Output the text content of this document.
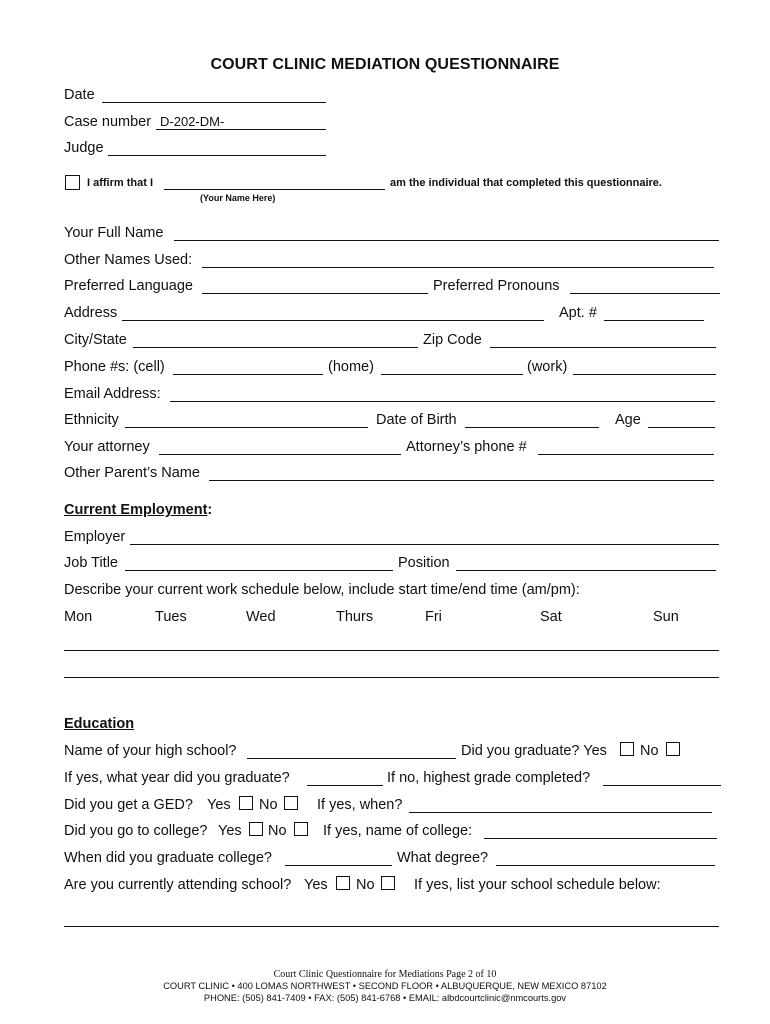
COURT CLINIC MEDIATION QUESTIONNAIRE
Date
Case number D-202-DM-
Judge
I affirm that I	am the individual that completed this questionnaire.
(Your Name Here)
Your Full Name
Other Names Used:
Preferred Language	Preferred Pronouns
Address	Apt. #
City/State	Zip Code
Phone #s: (cell)	(home)	(work)
Email Address:
Ethnicity	Date of Birth	Age
Your attorney	Attorney’s phone #
Other Parent’s Name
Current Employment:
Employer
Job Title	Position
Describe your current work schedule below, include start time/end time (am/pm):
Mon	Tues	Wed	Thurs	Fri	Sat	Sun
Education
Name of your high school?	Did you graduate? Yes No
If yes, what year did you graduate?	If no, highest grade completed?
Did you get a GED? Yes No	If yes, when?
Did you go to college? Yes No	If yes, name of college:
When did you graduate college?	What degree?
Are you currently attending school? Yes No	If yes, list your school schedule below:
Court Clinic Questionnaire for Mediations Page 2 of 10
COURT CLINIC • 400 LOMAS NORTHWEST • SECOND FLOOR • ALBUQUERQUE, NEW MEXICO 87102
PHONE: (505) 841-7409 • FAX: (505) 841-6768 • EMAIL: albdcourtclinic@nmcourts.gov
